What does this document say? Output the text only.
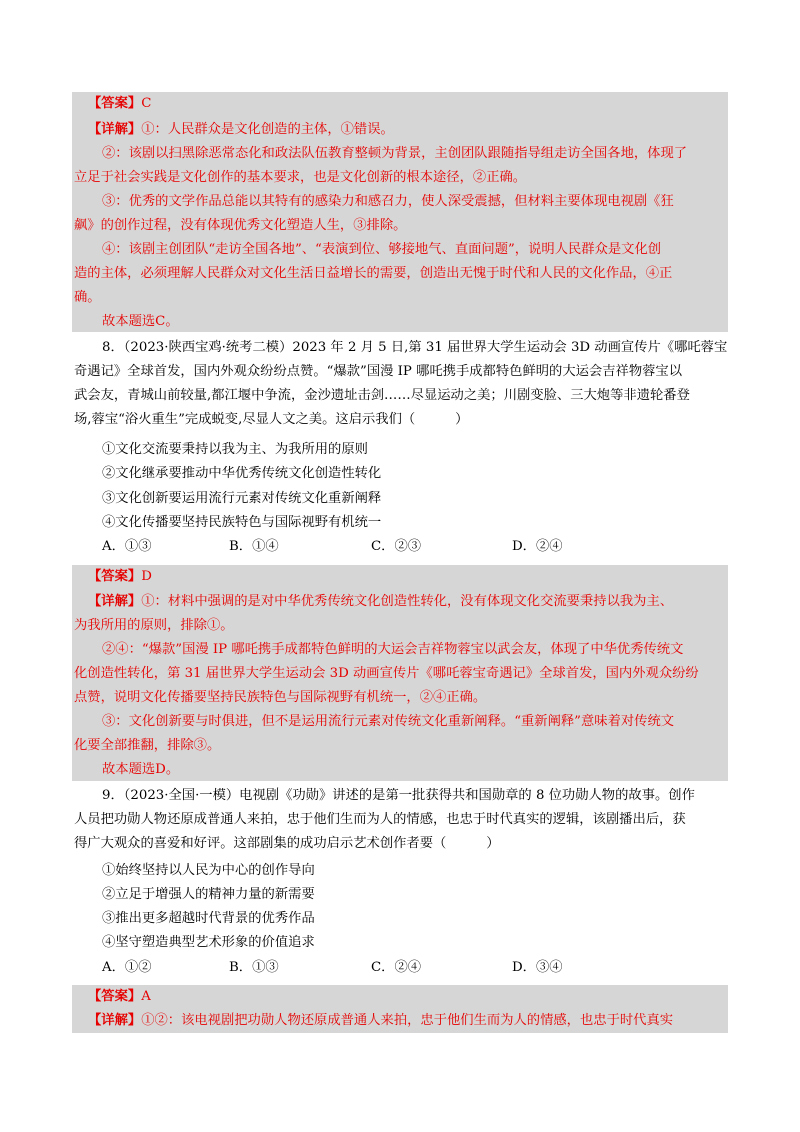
【答案】C
【详解】①：人民群众是文化创造的主体，①错误。
②：该剧以扫黑除恶常态化和政法队伍教育整顿为背景，主创团队跟随指导组走访全国各地，体现了
立足于社会实践是文化创作的基本要求，也是文化创新的根本途径，②正确。
③：优秀的文学作品总能以其特有的感染力和感召力，使人深受震撼，但材料主要体现电视剧《狂
飙》的创作过程，没有体现优秀文化塑造人生，③排除。
④：该剧主创团队“走访全国各地”、“表演到位、够接地气、直面问题”，说明人民群众是文化创
造的主体，必须理解人民群众对文化生活日益增长的需要，创造出无愧于时代和人民的文化作品，④正
确。
故本题选C。
8．（2023·陕西宝鸡·统考二模）2023 年 2 月 5 日,第 31 届世界大学生运动会 3D 动画宣传片《哪吒蓉宝
奇遇记》全球首发，国内外观众纷纷点赞。“爆款”国漫 IP 哪吒携手成都特色鲜明的大运会吉祥物蓉宝以
武会友，青城山前较量,都江堰中争流，金沙遗址击剑……尽显运动之美；川剧变脸、三大炮等非遗轮番登
场,蓉宝“浴火重生”完成蜕变,尽显人文之美。这启示我们（　　　）
①文化交流要秉持以我为主、为我所用的原则
②文化继承要推动中华优秀传统文化创造性转化
③文化创新要运用流行元素对传统文化重新阐释
④文化传播要坚持民族特色与国际视野有机统一
A．①③	B．①④	C．②③	D．②④
【答案】D
【详解】①：材料中强调的是对中华优秀传统文化创造性转化，没有体现文化交流要秉持以我为主、
为我所用的原则，排除①。
②④：“爆款”国漫 IP 哪吒携手成都特色鲜明的大运会吉祥物蓉宝以武会友，体现了中华优秀传统文
化创造性转化，第 31 届世界大学生运动会 3D 动画宣传片《哪吒蓉宝奇遇记》全球首发，国内外观众纷纷
点赞，说明文化传播要坚持民族特色与国际视野有机统一，②④正确。
③：文化创新要与时俱进，但不是运用流行元素对传统文化重新阐释。“重新阐释”意味着对传统文
化要全部推翻，排除③。
故本题选D。
9．（2023·全国·一模）电视剧《功勋》讲述的是第一批获得共和国勋章的 8 位功勋人物的故事。创作
人员把功勋人物还原成普通人来拍，忠于他们生而为人的情感，也忠于时代真实的逻辑，该剧播出后，获
得广大观众的喜爱和好评。这部剧集的成功启示艺术创作者要（　　　）
①始终坚持以人民为中心的创作导向
②立足于增强人的精神力量的新需要
③推出更多超越时代背景的优秀作品
④坚守塑造典型艺术形象的价值追求
A．①②	B．①③	C．②④	D．③④
【答案】A
【详解】①②：该电视剧把功勋人物还原成普通人来拍，忠于他们生而为人的情感，也忠于时代真实
